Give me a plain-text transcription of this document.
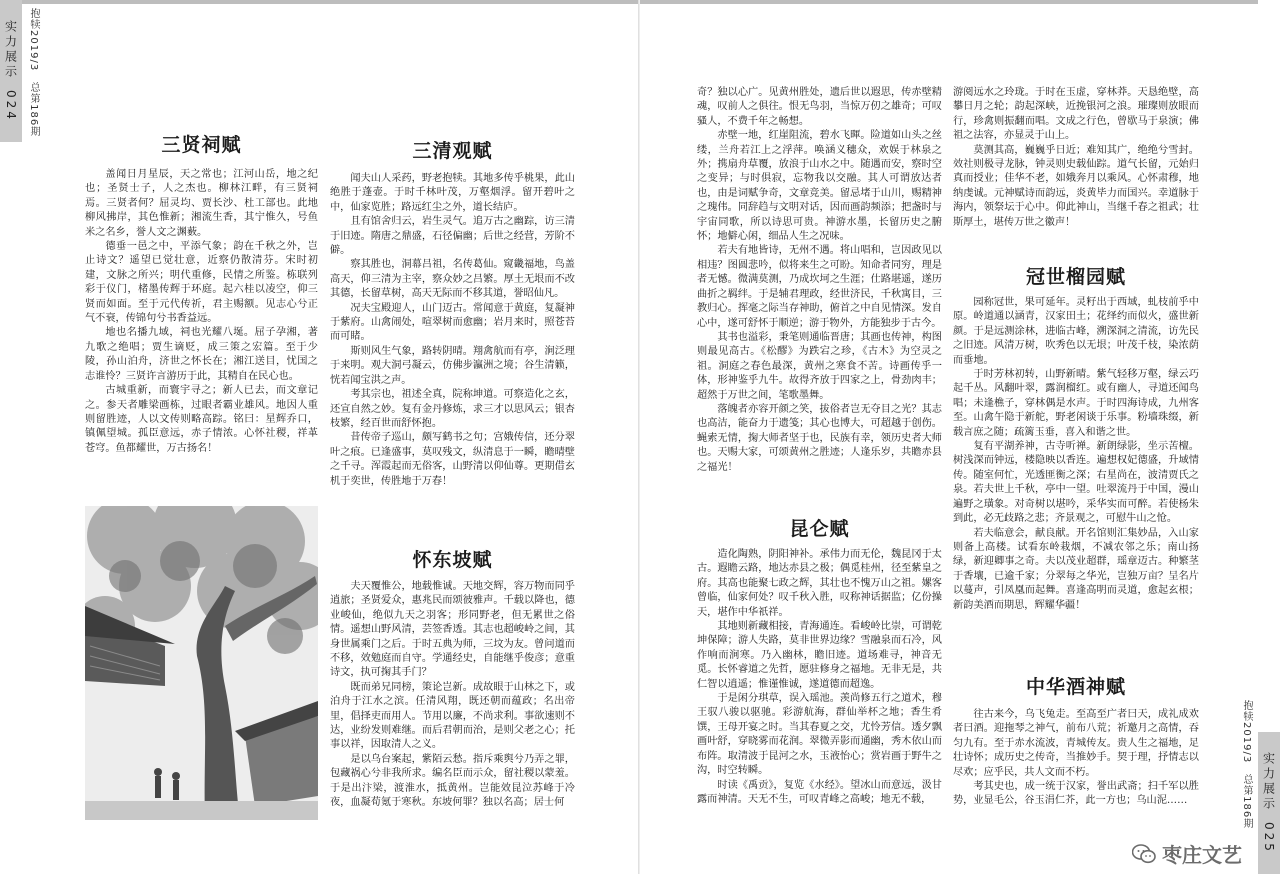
实力展示
024 抱犊2019/3　总第186期
三贤祠赋

盖闻日月星辰，天之常也；江河山岳，地之纪也；圣贤士子，人之杰也。柳林江畔，有三贤祠焉。三贤者何？屈灵均、贾长沙、杜工部也。此地柳风拂岸，其色惟新；湘流生香，其宁惟久，号鱼米之名乡，誉人文之渊薮。

德垂一邑之中，平添气象；韵在千秋之外，岂止诗文？遥望已觉壮意，近察仍散清芬。宋时初建，文脉之所兴；明代重修，民情之所鉴。栋联列彩于仪门，楮墨传辉于环庭。起六桂以凌空，仰三贤而如面。至于元代传祈，君主赐额。见志心兮正气不衰，传锦句兮书香益远。

地也名播九域，祠也光耀八埏。屈子孕湘，著九歌之绝唱；贾生谪贬，成三策之宏篇。至于少陵，孙山泊舟，济世之怀长在；湘江送目，忧国之志谁怜？三贤许言游历于此，其精自在民心也。

古城重新，而寰宇寻之；新人已去，而文章记之。参天者雕梁画栋，过眼者霸业雄风。地因人重则留胜迹，人以文传则略高踪。铭曰：星辉乔口，镇佩望城。孤臣意远，赤子情浓。心怀社稷，祥革苍穹。鱼都耀世，万古扬名！

三清观赋

闻夫山人采药，野老抱犊。其地多传乎桃果，此山绝胜于蓬壶。于时千林叶茂，万壑烟浮。留开碧叶之中，仙家览胜；路远红尘之外，道长结庐。

且有馆舍归云，岩生灵气。追万古之幽踪，访三清于旧迹。隋唐之鼎盛，石径偏幽；后世之经营，芳阶不僻。

察其胜也，洞幕吕祖，名传葛仙。窥畿福地，鸟盖高天，仰三清为主宰，察众妙之吕繁。厚土无垠而不改其德，长留草树，高天无际而不移其道，誉昭仙凡。

况夫宝殿迎人，山门迈古。常闻意于黄庭，复凝神于紫府。山禽闹处，喧翠树而愈幽；岩月来时，照苍苔而可睹。

斯则风生气象，路转阴晴。翔禽航而有亭，涧泛理于来明。观大洞弓凝云，仿佛步瀛洲之境；谷生清籁，恍若闻宝洪之声。

考其宗也，祖述全真，院称坤道。可察造化之玄，还宣自然之妙。复有金丹修炼，求三才以思风云；银杏枝繁，经百世而舒怀抱。

昔传帝子巡山，颇写鹤书之句；宫娥传信，还分翠叶之痕。已逢盛事，莫叹残文，纵清息于一瞬，瞻晴壁之千寻。浑霞起而无俗客，山野清以仰仙尊。更期借玄机于奕世，传胜地于万春！

怀东坡赋

夫天覆惟公，地载惟诚。天地交辉，容万物而同乎逍旅；圣贤爱众，惠兆民而颂彼雅声。千载以降也，德业峻仙，绝似九天之羽客；形同野老，但无累世之俗情。遥想山野风清，芸签香透。其志也超峻岭之间，其身世属乘门之后。于时五典为师，三坟为友。曾问道而不移，效勉庭而自守。学通经史，自能继乎俊彦；意重诗文，执可掬其手门？

既而弟兄同榜，策论岂新。成故眼于山林之下，或泊舟于江水之滨。任清风翔，既还朝而蕴政；名出帝里，倡择吏而用人。节用以廉，不尚求利。事欲速则不达，业纷发则难继。而后君朝而治，是则父老之心；托事以祥，因取清人之义。

是以乌台案起，紫陌云愁。指斥乘舆兮乃弄之罪，包藏祸心兮非我所求。编名臣而示众，留社稷以蒙羞。于是出汴梁，渡淮水，抵黄州。岂能效昆泣苏峰于冷夜，血凝荀氪于寒秋。东坡何罪？独以名高；居士何

奇？独以心广。见黄州胜处，遗后世以遐思，传赤壁精魂，叹前人之俱往。恨无鸟羽，当惊万仞之雄奇；可叹骚人，不费千年之畅想。

赤壁一地，红崖阻流，碧水飞暉。险道如山头之丝缕，兰舟若江上之浮萍。唤涵义穗众，欢娱于林泉之外；携扇舟草覆，放浪于山水之中。随遇而安，察时空之变异；与时俱寂，忘物我以交融。其人可谓放达者也，由是词赋争奇，文章竞美。留忌堵于山川，赐精神之瑰伟。同辞趋与文明对话，因而画韵频添；把盏时与宇宙同歌，所以诗思可贵。神游水墨，长留历史之腑怀；地僻心闲，细品人生之况味。

若夫有地皆诗，无州不遇。将山唱和，岂因政见以相违？图圆悲吟，似将来生之可盼。知命者同穷，理是者无憾。微满莫测，乃成坎坷之生涯；仕路堪遥，遂历曲折之羁绊。于是辅君理政，经世济民，千秋寓目，三教归心。挥毫之际当存神助，俯首之中自见情深。发自心中，遂可舒怀于顺逆；游于物外，方能独步于古今。

其书也溢彩，秉笔则通临晋唐；其画也传神，构图则最见高古。《松醪》为跌宕之珍，《古木》为空灵之祖。洞庭之春色最深，黄州之寒食不苦。诗画传乎一体，形神鉴乎九牛。故得齐放于四家之上，骨劲肉丰；超然于万世之间，笔歌墨舞。

落魄者亦容开颜之笑，拔俗者岂无夺目之光？其志也高洁，能奋力于遗笺；其心也博大，可超越于创伤。蝇索无情，掬大师者坚于也，民族有幸，领历史者大师也。天赐大家，可颂黄州之胜迹；人逢乐岁，共瞻赤县之福光！

昆仑赋

造化陶熟，阴阳神补。承伟力而无伦，魏昆冈于太古。遐瞻云路，地达赤县之极；偶觅桂州，径至紫皇之府。其高也能聚七政之辉，其壮也不愧万山之祖。嫘客曾临，仙家何处？叹千秋入胜，叹称神话据监；亿份操天，堪作中华祇祥。

其地则新藏相接，青海通连。看峻岭比崇，可谓乾坤保障；游人失路，莫非世界边缘？雪融泉而石冷，风作响而涧寒。乃入幽林，瞻旧迹。道场难寻，神音无觅。长怀睿道之先哲，愿驻修身之福地。无非无是，共仁智以逍遥；惟谨惟诚，遂道德而超逸。

于是闲分琪草，误入瑶池。羡尚修五行之道术，穆王驭八骏以驱驰。彩游航海，群仙举杯之地；香生肴馔，王母开宴之时。当其春夏之交，尤怜芳信。透夕飘画叶舒，穿晓雾而花润。翠微弄影而通幽，秀木依山而布阵。取清波于昆河之水，玉液怡心；赏岩画于野牛之沟，时空转瞬。

时读《禹贡》，复览《水经》。望冰山而意远，汲甘露而神清。天无不生，可叹青峰之高峻；地无不载，

游阅远水之玲珑。于时在玉虚，穿林莽。天恳绝壁，高攀日月之轮；韵起深峡，近挽银河之浪。璀璨则放眼而行，珍禽则振翻而唱。文成之行色，曾歇马于泉演；佛祖之法容，亦显灵于山上。

莫测其高，巍巍乎日近；难知其广，绝绝兮雪封。效社则极寻龙脉，钟灵则史载仙踪。道气长留，元始归真而授业；佳华不老，如娥奔月以乘风。心怀肃穆，地纳虔诚。元神赋诗而韵远，炎黄毕力而国兴。幸道脉于海内，领祭坛于心中。仰此神山，当继千春之祖武；壮斯厚土，堪传万世之徽声！

冠世榴园赋

园称冠世，果可延年。灵籽出于西域，虬枝前乎中原。岭道通以涵青，汉家田土；花绎约而似火，盛世新颜。于是远测涂林，进临古峰，溯深洞之清流，访先民之旧迹。风清万树，吹秀色以无垠；叶茂千枝，染浓荫而垂地。

于时芳林初转，山野新晴。紫气轻移万壑，绿云巧起千丛。风翻叶翠，露润榴红。或有幽人，寻道还闻鸟唱；未逢樵子，穿林偶是水声。于时四海诗成，九州客至。山禽午隐于新舵，野老闲谈于乐事。粉墙珠缀，新载言庶之随；疏篱玉垂，喜入和谐之世。

复有平湖养神，古寺听禅。新朗绿影，坐示苦檀。树浅深而钟远，楼隐映以香连。遍想权妃德盛，升域情传。随室何忙，光透匪衡之深；右星尚在，波清贾氏之泉。若夫世上千秋，亭中一望。吐翠流丹于中国，漫山遍野之璜象。对奇树以堪吟，采华实而可醉。若使杨朱到此，必无歧路之悲；齐景观之，可慰牛山之怆。

若夫临意会，献良献。开名馆则汇集妙品，入山家则备上高楼。试看东岭栽烟，不减农邻之乐；南山扬绿，新迎卿事之奇。夫以茂业超群，瑶章迈古。种繁茎于香壤，已逾千家；分翠每之华光，岂独万亩？呈名片以蔓声，引凤凰而起舞。喜逢高明而灵道，愈起玄根；新韵美酒而期思，辉耀华疆！

中华酒神赋

往古来今，乌飞兔走。至高至广者曰天，成礼成欢者曰酒。迎拖琴之神气，前布八荒；祈邀月之高情，吞匀九有。至于赤水流波，青城传友。贵人生之福地，足壮诗怀；成历史之传奇，当推妙手。契于理，抒情志以尽欢；应乎民，共人文而不朽。

考其史也，成一统于汉家，誉出武斋；扫千军以胜势，业显毛公，谷玉涓仁芥，此一方也；乌山泥……	抱犊2019/3　总第186期 实力展示
025
枣庄文艺
